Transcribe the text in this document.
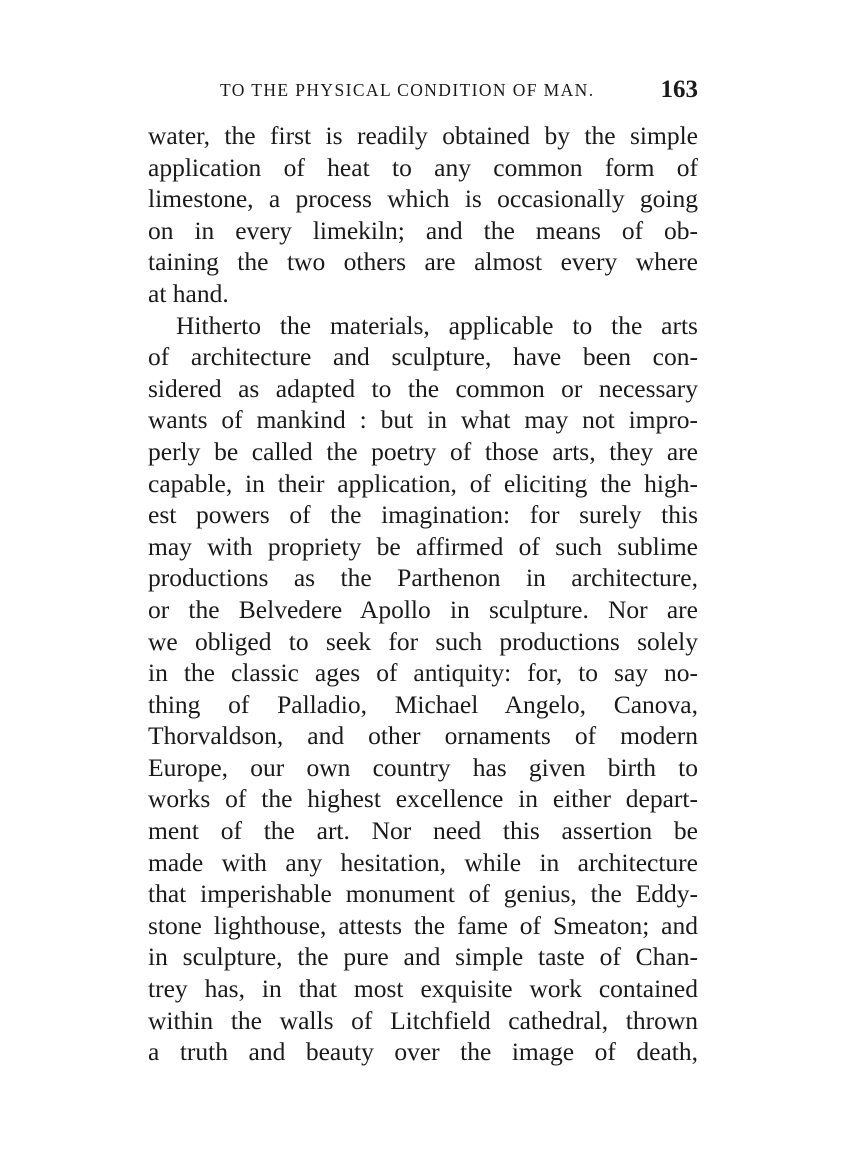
TO THE PHYSICAL CONDITION OF MAN.	163
water, the first is readily obtained by the simple
application of heat to any common form of
limestone, a process which is occasionally going
on in every limekiln; and the means of ob-
taining the two others are almost every where
at hand.
Hitherto the materials, applicable to the arts
of architecture and sculpture, have been con-
sidered as adapted to the common or necessary
wants of mankind : but in what may not impro-
perly be called the poetry of those arts, they are
capable, in their application, of eliciting the high-
est powers of the imagination: for surely this
may with propriety be affirmed of such sublime
productions as the Parthenon in architecture,
or the Belvedere Apollo in sculpture. Nor are
we obliged to seek for such productions solely
in the classic ages of antiquity: for, to say no-
thing of Palladio, Michael Angelo, Canova,
Thorvaldson, and other ornaments of modern
Europe, our own country has given birth to
works of the highest excellence in either depart-
ment of the art. Nor need this assertion be
made with any hesitation, while in architecture
that imperishable monument of genius, the Eddy-
stone lighthouse, attests the fame of Smeaton; and
in sculpture, the pure and simple taste of Chan-
trey has, in that most exquisite work contained
within the walls of Litchfield cathedral, thrown
a truth and beauty over the image of death,
